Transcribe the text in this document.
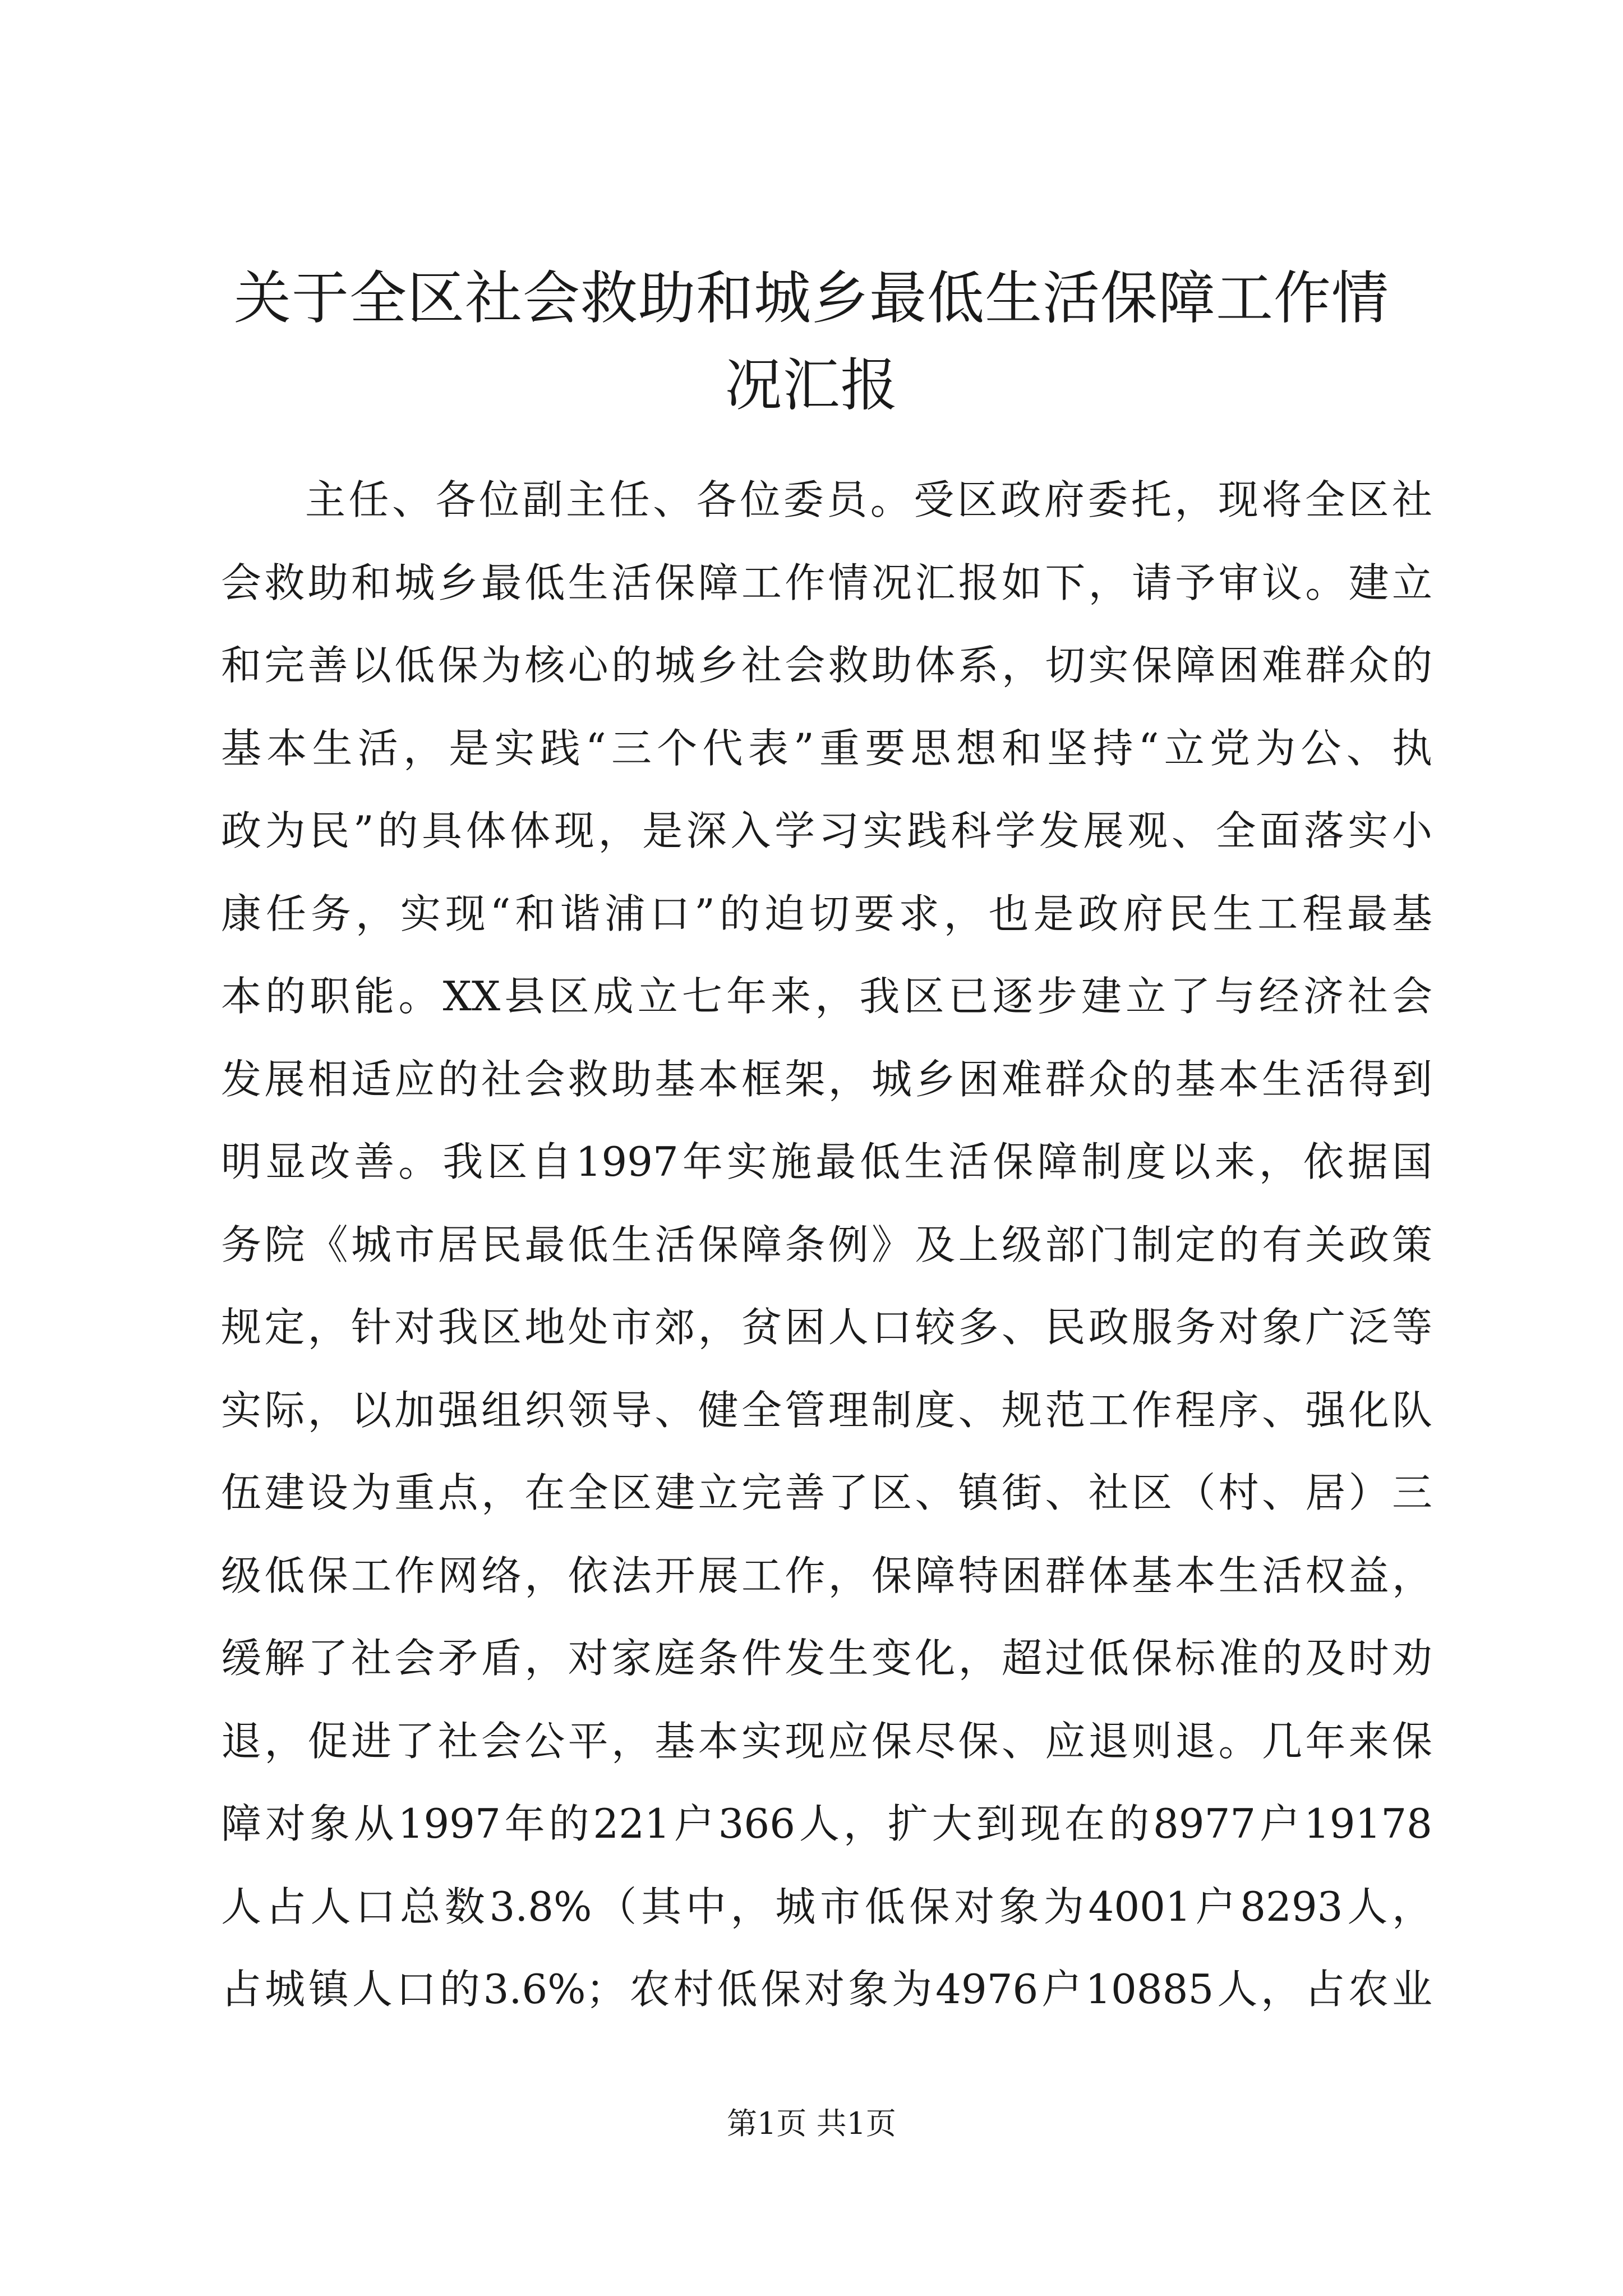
关于全区社会救助和城乡最低生活保障工作情
况汇报
主任、各位副主任、各位委员。受区政府委托，现将全区社
会救助和城乡最低生活保障工作情况汇报如下，请予审议。建立
和完善以低保为核心的城乡社会救助体系，切实保障困难群众的
基本生活，是实践“三个代表”重要思想和坚持“立党为公、执
政为民”的具体体现，是深入学习实践科学发展观、全面落实小
康任务，实现“和谐浦口”的迫切要求，也是政府民生工程最基
本的职能。XX县区成立七年来，我区已逐步建立了与经济社会
发展相适应的社会救助基本框架，城乡困难群众的基本生活得到
明显改善。我区自1997年实施最低生活保障制度以来，依据国
务院《城市居民最低生活保障条例》及上级部门制定的有关政策
规定，针对我区地处市郊，贫困人口较多、民政服务对象广泛等
实际，以加强组织领导、健全管理制度、规范工作程序、强化队
伍建设为重点，在全区建立完善了区、镇街、社区（村、居）三
级低保工作网络，依法开展工作，保障特困群体基本生活权益，
缓解了社会矛盾，对家庭条件发生变化，超过低保标准的及时劝
退，促进了社会公平，基本实现应保尽保、应退则退。几年来保
障对象从1997年的221户366人，扩大到现在的8977户19178
人占人口总数3.8%（其中，城市低保对象为4001户8293人，
占城镇人口的3.6%；农村低保对象为4976户10885人，占农业
第1页 共1页
